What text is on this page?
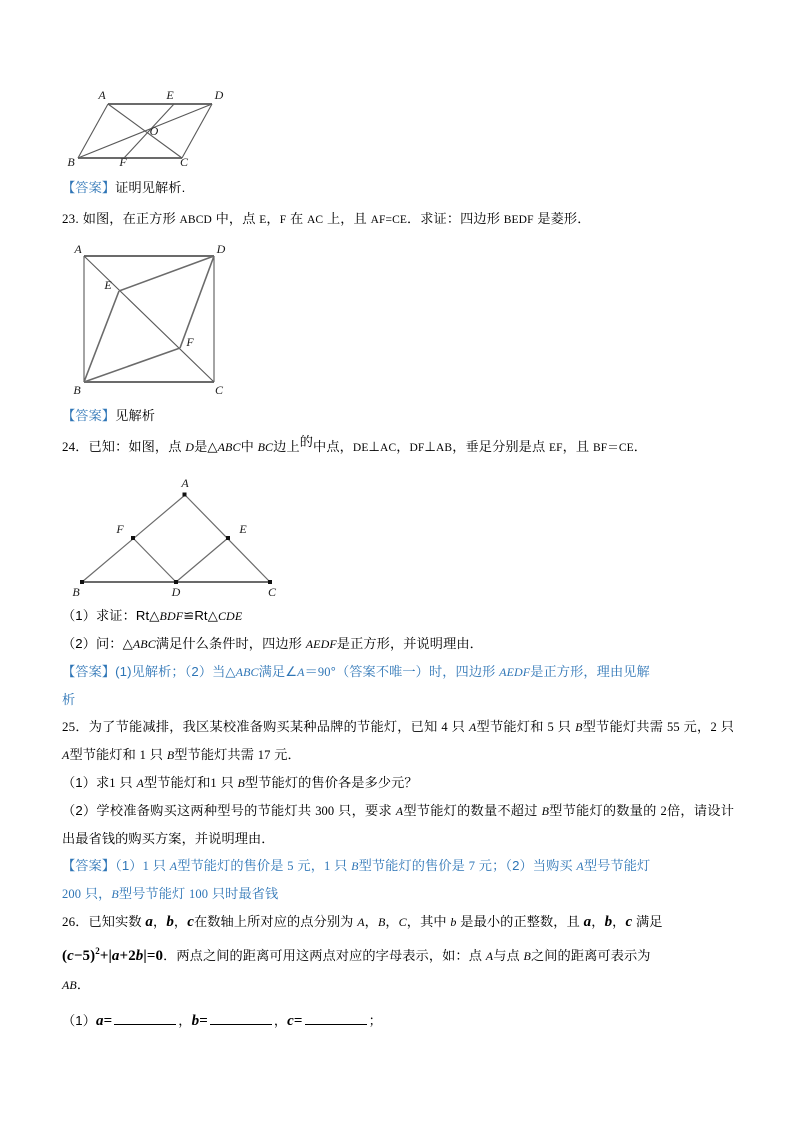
A	E	D
O
B	F	C

【答案】证明见解析.

23. 如图，在正方形 ABCD 中，点 E，F 在 AC 上，且 AF=CE．求证：四边形 BEDF 是菱形．

A	D
E
F
B	C

【答案】见解析

24．已知：如图，点 D是△ABC中 BC边上的中点，DE⊥AC，DF⊥AB，垂足分别是点 EF，且 BF＝CE．

A
F	E
B	D	C

（1）求证：Rt△BDF≌Rt△CDE

（2）问：△ABC满足什么条件时，四边形 AEDF是正方形，并说明理由．

【答案】(1)见解析；（2）当△ABC满足∠A＝90°（答案不唯一）时，四边形 AEDF是正方形，理由见解

析

25．为了节能减排，我区某校准备购买某种品牌的节能灯，已知 4 只 A型节能灯和 5 只 B型节能灯共需 55 元，2 只 A型节能灯和 1 只 B型节能灯共需 17 元．

（1）求1 只 A型节能灯和1 只 B型节能灯的售价各是多少元？

（2）学校准备购买这两种型号的节能灯共 300 只，要求 A型节能灯的数量不超过 B型节能灯的数量的 2倍，请设计出最省钱的购买方案，并说明理由．

【答案】（1）1 只 A型节能灯的售价是 5 元，1 只 B型节能灯的售价是 7 元；（2）当购买 A型号节能灯

200 只，B型号节能灯 100 只时最省钱

26．已知实数 a，b，c在数轴上所对应的点分别为 A，B，C，其中 b 是最小的正整数，且 a，b，c 满足

$(c-5)^2+|a+2b|=0$．两点之间的距离可用这两点对应的字母表示，如：点 A与点 B之间的距离可表示为

AB．

（1）a=	，b=	，c=	；
